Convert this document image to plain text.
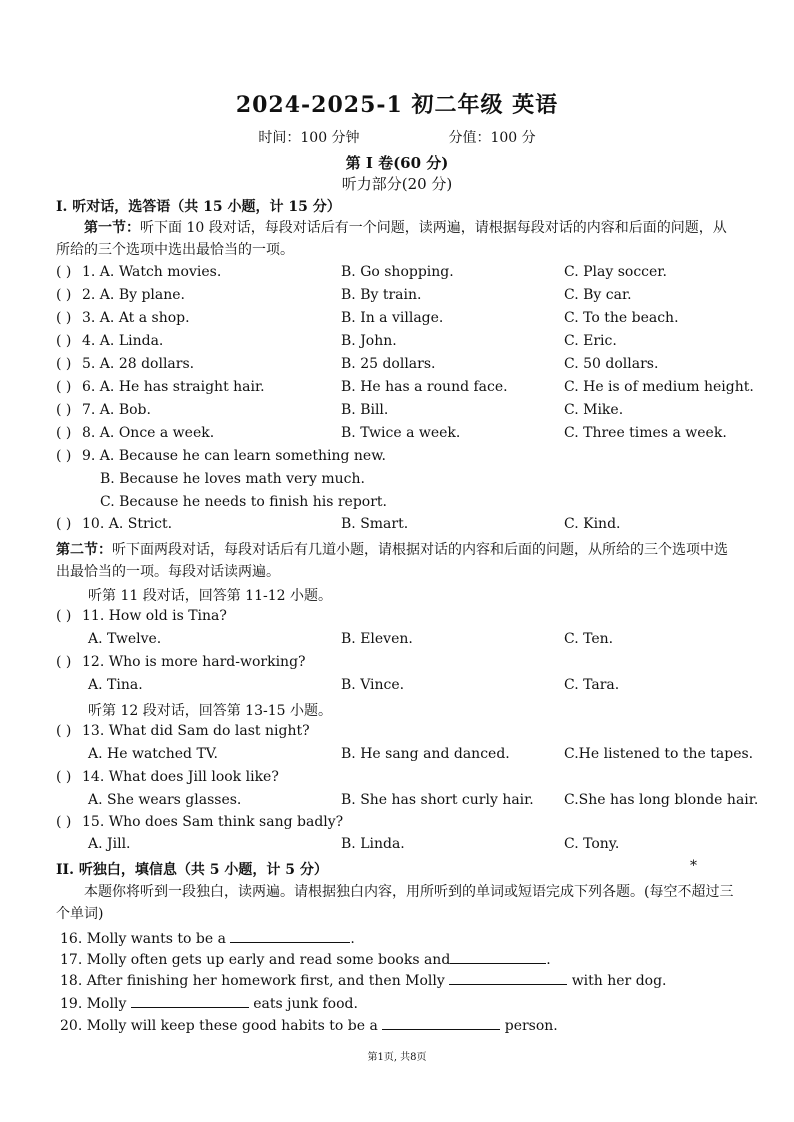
2024-2025-1 初二年级 英语
时间：100 分钟	分值：100 分
第 I 卷(60 分)
听力部分(20 分)
I. 听对话，选答语（共 15 小题，计 15 分）
第一节：听下面 10 段对话，每段对话后有一个问题，读两遍，请根据每段对话的内容和后面的问题，从所给的三个选项中选出最恰当的一项。
( ) 1. A. Watch movies.	B. Go shopping.	C. Play soccer.
( ) 2. A. By plane.	B. By train.	C. By car.
( ) 3. A. At a shop.	B. In a village.	C. To the beach.
( ) 4. A. Linda.	B. John.	C. Eric.
( ) 5. A. 28 dollars.	B. 25 dollars.	C. 50 dollars.
( ) 6. A. He has straight hair.	B. He has a round face.	C. He is of medium height.
( ) 7. A. Bob.	B. Bill.	C. Mike.
( ) 8. A. Once a week.	B. Twice a week.	C. Three times a week.
( ) 9. A. Because he can learn something new.
B. Because he loves math very much.
C. Because he needs to finish his report.
( ) 10. A. Strict.	B. Smart.	C. Kind.
第二节：听下面两段对话，每段对话后有几道小题，请根据对话的内容和后面的问题，从所给的三个选项中选出最恰当的一项。每段对话读两遍。
听第 11 段对话，回答第 11-12 小题。
( ) 11. How old is Tina?
A. Twelve.	B. Eleven.	C. Ten.
( ) 12. Who is more hard-working?
A. Tina.	B. Vince.	C. Tara.
听第 12 段对话，回答第 13-15 小题。
( ) 13. What did Sam do last night?
A. He watched TV.	B. He sang and danced.	C.He listened to the tapes.
( ) 14. What does Jill look like?
A. She wears glasses.	B. She has short curly hair. C.She has long blonde hair.
( ) 15. Who does Sam think sang badly?
A. Jill.	B. Linda.	C. Tony.
II. 听独白，填信息（共 5 小题，计 5 分）	*
本题你将听到一段独白，读两遍。请根据独白内容，用所听到的单词或短语完成下列各题。(每空不超过三个单词)
16. Molly wants to be a	.
17. Molly often gets up early and read some books and	.
18. After finishing her homework first, and then Molly	with her dog.
19. Molly	eats junk food.
20. Molly will keep these good habits to be a	person.
第1页, 共8页
